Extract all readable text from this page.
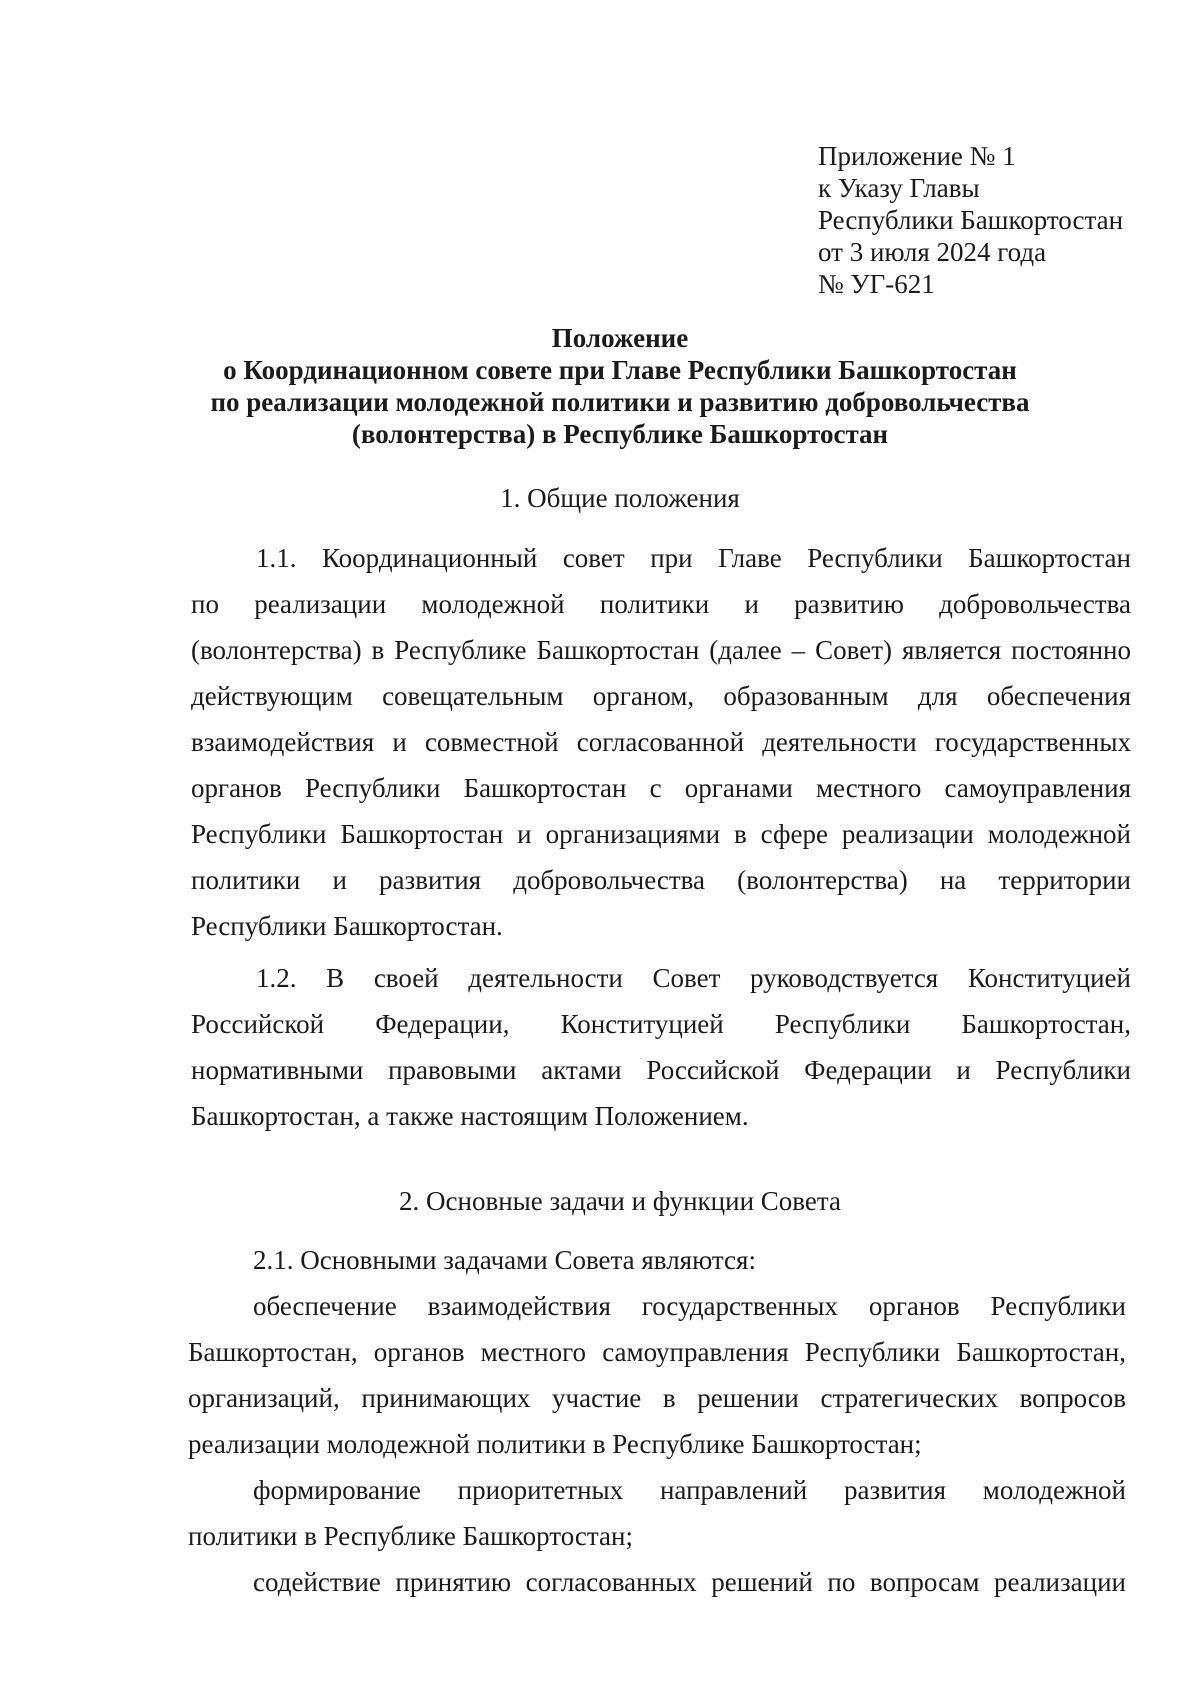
Приложение № 1
к Указу Главы
Республики Башкортостан
от 3 июля 2024 года
№ УГ-621
Положение
о Координационном совете при Главе Республики Башкортостан
по реализации молодежной политики и развитию добровольчества
(волонтерства) в Республике Башкортостан
1. Общие положения
1.1. Координационный совет при Главе Республики Башкортостан
по реализации молодежной политики и развитию добровольчества
(волонтерства) в Республике Башкортостан (далее – Совет) является постоянно
действующим совещательным органом, образованным для обеспечения
взаимодействия и совместной согласованной деятельности государственных
органов Республики Башкортостан с органами местного самоуправления
Республики Башкортостан и организациями в сфере реализации молодежной
политики и развития добровольчества (волонтерства) на территории
Республики Башкортостан.
1.2. В своей деятельности Совет руководствуется Конституцией
Российской Федерации, Конституцией Республики Башкортостан,
нормативными правовыми актами Российской Федерации и Республики
Башкортостан, а также настоящим Положением.
2. Основные задачи и функции Совета
2.1. Основными задачами Совета являются:
обеспечение взаимодействия государственных органов Республики
Башкортостан, органов местного самоуправления Республики Башкортостан,
организаций, принимающих участие в решении стратегических вопросов
реализации молодежной политики в Республике Башкортостан;
формирование приоритетных направлений развития молодежной
политики в Республике Башкортостан;
содействие принятию согласованных решений по вопросам реализации
